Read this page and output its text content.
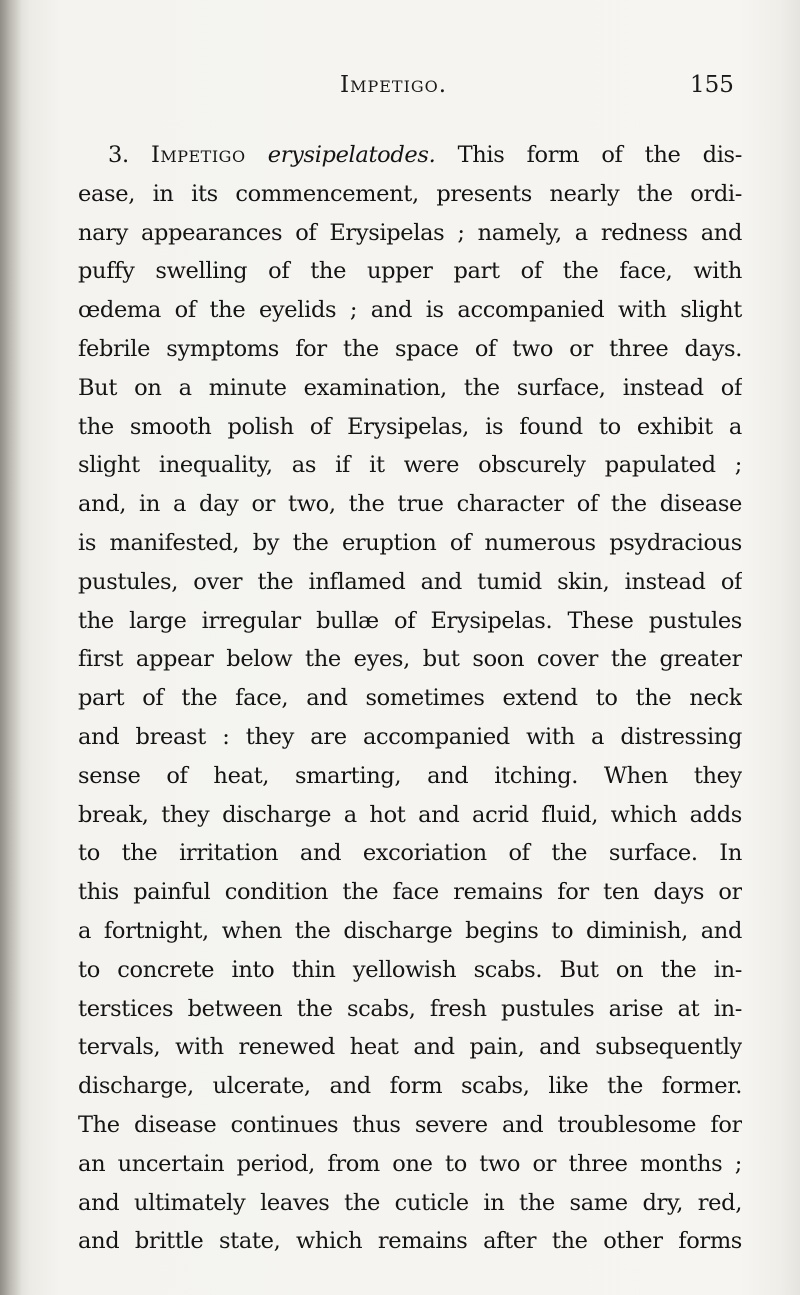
Impetigo.	155
3. Impetigo erysipelatodes. This form of the dis-
ease, in its commencement, presents nearly the ordi-
nary appearances of Erysipelas ; namely, a redness and
puffy swelling of the upper part of the face, with
œdema of the eyelids ; and is accompanied with slight
febrile symptoms for the space of two or three days.
But on a minute examination, the surface, instead of
the smooth polish of Erysipelas, is found to exhibit a
slight inequality, as if it were obscurely papulated ;
and, in a day or two, the true character of the disease
is manifested, by the eruption of numerous psydracious
pustules, over the inflamed and tumid skin, instead of
the large irregular bullæ of Erysipelas. These pustules
first appear below the eyes, but soon cover the greater
part of the face, and sometimes extend to the neck
and breast : they are accompanied with a distressing
sense of heat, smarting, and itching. When they
break, they discharge a hot and acrid fluid, which adds
to the irritation and excoriation of the surface. In
this painful condition the face remains for ten days or
a fortnight, when the discharge begins to diminish, and
to concrete into thin yellowish scabs. But on the in-
terstices between the scabs, fresh pustules arise at in-
tervals, with renewed heat and pain, and subsequently
discharge, ulcerate, and form scabs, like the former.
The disease continues thus severe and troublesome for
an uncertain period, from one to two or three months ;
and ultimately leaves the cuticle in the same dry, red,
and brittle state, which remains after the other forms
